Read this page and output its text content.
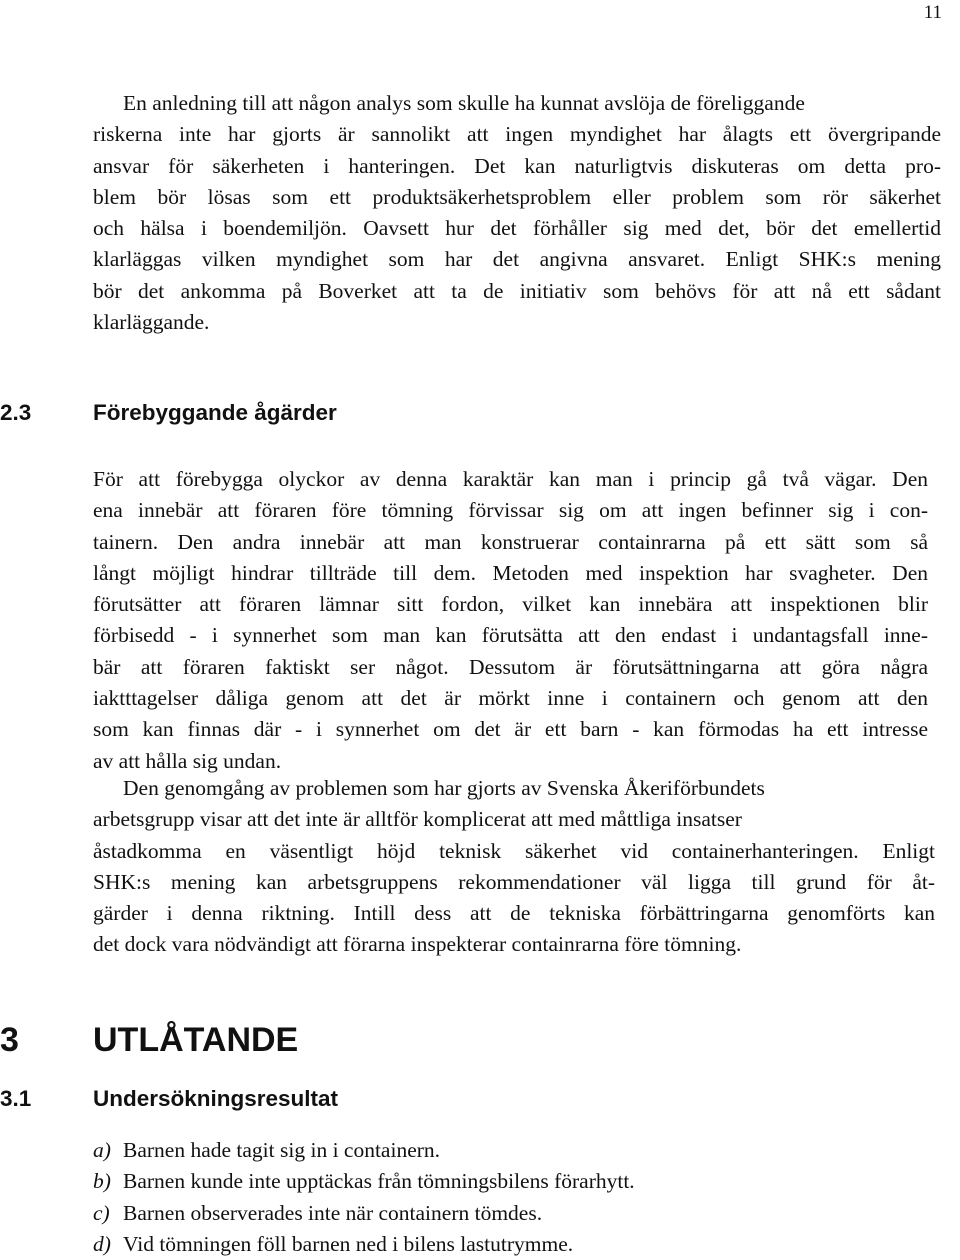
11
En anledning till att någon analys som skulle ha kunnat avslöja de föreliggande
riskerna inte har gjorts är sannolikt att ingen myndighet har ålagts ett övergripande
ansvar för säkerheten i hanteringen. Det kan naturligtvis diskuteras om detta pro-
blem bör lösas som ett produktsäkerhetsproblem eller problem som rör säkerhet
och hälsa i boendemiljön. Oavsett hur det förhåller sig med det, bör det emellertid
klarläggas vilken myndighet som har det angivna ansvaret. Enligt SHK:s mening
bör det ankomma på Boverket att ta de initiativ som behövs för att nå ett sådant
klarläggande.
2.3	Förebyggande ågärder
För att förebygga olyckor av denna karaktär kan man i princip gå två vägar. Den
ena innebär att föraren före tömning förvissar sig om att ingen befinner sig i con-
tainern. Den andra innebär att man konstruerar containrarna på ett sätt som så
långt möjligt hindrar tillträde till dem. Metoden med inspektion har svagheter. Den
förutsätter att föraren lämnar sitt fordon, vilket kan innebära att inspektionen blir
förbisedd - i synnerhet som man kan förutsätta att den endast i undantagsfall inne-
bär att föraren faktiskt ser något. Dessutom är förutsättningarna att göra några
iaktttagelser dåliga genom att det är mörkt inne i containern och genom att den
som kan finnas där - i synnerhet om det är ett barn - kan förmodas ha ett intresse
av att hålla sig undan.
Den genomgång av problemen som har gjorts av Svenska Åkeriförbundets
arbetsgrupp visar att det inte är alltför komplicerat att med måttliga insatser
åstadkomma en väsentligt höjd teknisk säkerhet vid containerhanteringen. Enligt
SHK:s mening kan arbetsgruppens rekommendationer väl ligga till grund för åt-
gärder i denna riktning. Intill dess att de tekniska förbättringarna genomförts kan
det dock vara nödvändigt att förarna inspekterar containrarna före tömning.
3 UTLÅTANDE
3.1	Undersökningsresultat
a) Barnen hade tagit sig in i containern.
b) Barnen kunde inte upptäckas från tömningsbilens förarhytt.
c) Barnen observerades inte när containern tömdes.
d) Vid tömningen föll barnen ned i bilens lastutrymme.
